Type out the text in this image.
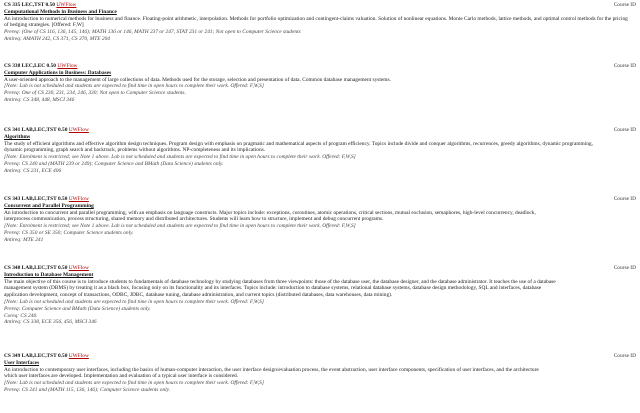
CS 335 LEC,TST 0.50 UWFlow	Course ID
Computational Methods in Business and Finance
An introduction to numerical methods for business and finance. Floating-point arithmetic, interpolation. Methods for portfolio optimization and contingent-claims valuation. Solution of nonlinear equations. Monte Carlo methods, lattice methods, and optimal control methods for the pricing
of hedging strategies. [Offered: F,W]
Prereq: (One of CS 116, 136, 145, 146); MATH 136 or 146, MATH 237 or 247, STAT 231 or 241; Not open to Computer Science students
Antireq: AMATH 242, CS 371, CS 370, MTE 204
CS 338 LEC,LEC 0.50 UWFlow	Course ID
Computer Applications in Business: Databases
A user-oriented approach to the management of large collections of data. Methods used for the storage, selection and presentation of data. Common database management systems.
[Note: Lab is not scheduled and students are expected to find time in open hours to complete their work. Offered: F,W,S]
Prereq: One of CS 230, 231, 234, 246, 330; Not open to Computer Science students.
Antireq: CS 348, 448, MSCI 346
CS 341 LAB,LEC,TST 0.50 UWFlow	Course ID
Algorithms
The study of efficient algorithms and effective algorithm design techniques. Program design with emphasis on pragmatic and mathematical aspects of program efficiency. Topics include divide and conquer algorithms, recurrences, greedy algorithms, dynamic programming,
dynamic programming, graph search and backtrack, problems without algorithms. NP-completeness and its implications.
[Note: Enrolment is restricted; see Note 1 above. Lab is not scheduled and students are expected to find time in open hours to complete their work. Offered: F,W,S]
Prereq: CS 240 and (MATH 239 or 249); Computer Science and BMath (Data Science) students only.
Antireq: CS 231, ECE 406
CS 343 LAB,LEC,TST 0.50 UWFlow	Course ID
Concurrent and Parallel Programming
An introduction to concurrent and parallel programming, with an emphasis on language constructs. Major topics include: exceptions, coroutines, atomic operations, critical sections, mutual exclusion, semaphores, high-level concurrency, deadlock,
interprocess communication, process structuring, shared memory and distributed architectures. Students will learn how to structure, implement and debug concurrent programs.
[Note: Enrolment is restricted; see Note 1 above. Lab is not scheduled and students are expected to find time in open hours to complete their work. Offered: F,W,S]
Prereq: CS 350 or SE 350; Computer Science students only.
Antireq: MTE 241
CS 348 LAB,LEC,TST 0.50 UWFlow	Course ID
Introduction to Database Management
The main objective of this course is to introduce students to fundamentals of database technology by studying databases from three viewpoints: those of the database user, the database designer, and the database administrator. It teaches the use of a database
management system (DBMS) by treating it as a black box, focusing only on its functionality and its interfaces. Topics include: introduction to database systems, relational database systems, database design methodology, SQL and interfaces, database
application development, concept of transactions, ODBC, JDBC, database tuning, database administration, and current topics (distributed databases, data warehouses, data mining).
[Note: Lab is not scheduled and students are expected to find time in open hours to complete their work. Offered: F,W,S]
Prereq: Computer Science and BMath (Data Science) students only.
Coreq: CS 240.
Antireq: CS 338, ECE 356, 456, MSCI 346
CS 349 LAB,LEC,TST 0.50 UWFlow	Course ID
User Interfaces
An introduction to contemporary user interfaces, including the basics of human-computer interaction, the user interface design/evaluation process, the event abstraction, user interface components, specification of user interfaces, and the architecture
which user interfaces are developed. Implementation and evaluation of a typical user interface is considered.
[Note: Lab is not scheduled and students are expected to find time in open hours to complete their work. Offered: F,W,S]
Prereq: CS 241 and (MATH 115, 136, 146); Computer Science students only.
